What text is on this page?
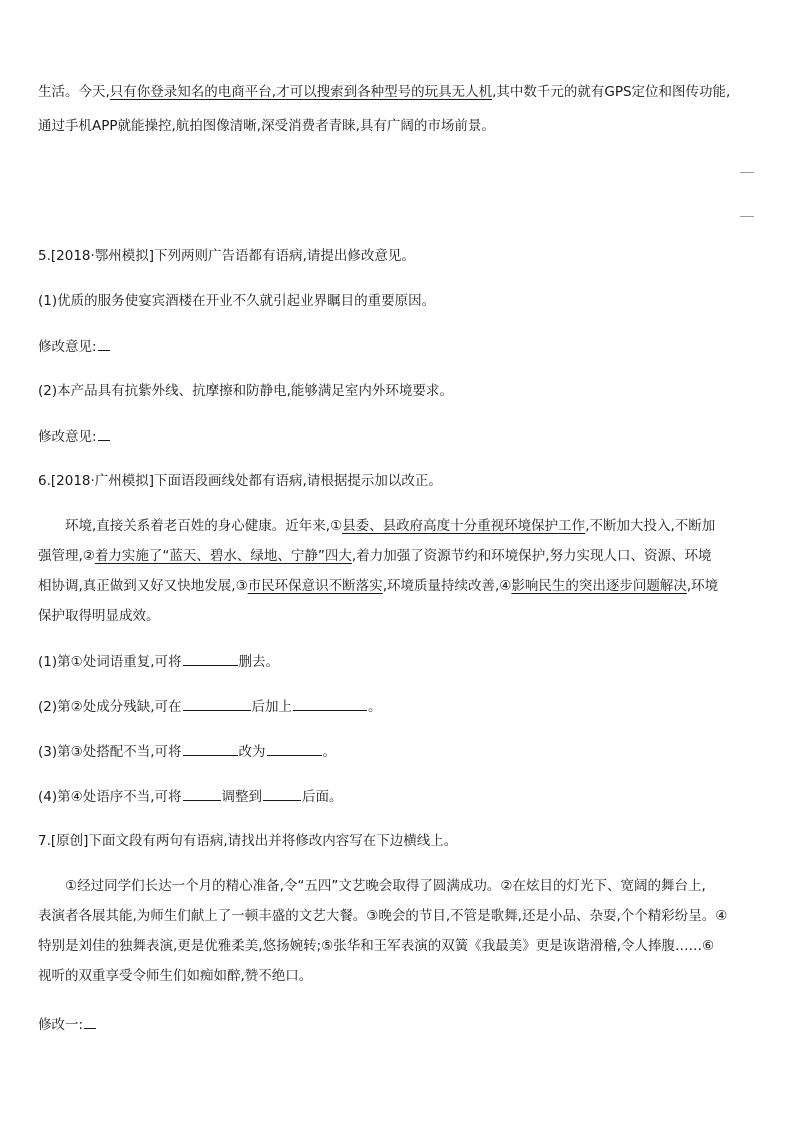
生活。今天,只有你登录知名的电商平台,才可以搜索到各种型号的玩具无人机,其中数千元的就有GPS定位和图传功能,
通过手机APP就能操控,航拍图像清晰,深受消费者青睐,具有广阔的市场前景。
5.[2018·鄂州模拟]下列两则广告语都有语病,请提出修改意见。
(1)优质的服务使宴宾酒楼在开业不久就引起业界瞩目的重要原因。
修改意见:
(2)本产品具有抗紫外线、抗摩擦和防静电,能够满足室内外环境要求。
修改意见:
6.[2018·广州模拟]下面语段画线处都有语病,请根据提示加以改正。
环境,直接关系着老百姓的身心健康。近年来,①县委、县政府高度十分重视环境保护工作,不断加大投入,不断加
强管理,②着力实施了“蓝天、碧水、绿地、宁静”四大,着力加强了资源节约和环境保护,努力实现人口、资源、环境
相协调,真正做到又好又快地发展,③市民环保意识不断落实,环境质量持续改善,④影响民生的突出逐步问题解决,环境
保护取得明显成效。
(1)第①处词语重复,可将	删去。
(2)第②处成分残缺,可在	后加上	。
(3)第③处搭配不当,可将	改为	。
(4)第④处语序不当,可将	调整到	后面。
7.[原创]下面文段有两句有语病,请找出并将修改内容写在下边横线上。
①经过同学们长达一个月的精心准备,令“五四”文艺晚会取得了圆满成功。②在炫目的灯光下、宽阔的舞台上,
表演者各展其能,为师生们献上了一顿丰盛的文艺大餐。③晚会的节目,不管是歌舞,还是小品、杂耍,个个精彩纷呈。④
特别是刘佳的独舞表演,更是优雅柔美,悠扬婉转;⑤张华和王军表演的双簧《我最美》更是诙谐滑稽,令人捧腹……⑥
视听的双重享受令师生们如痴如醉,赞不绝口。
修改一:
